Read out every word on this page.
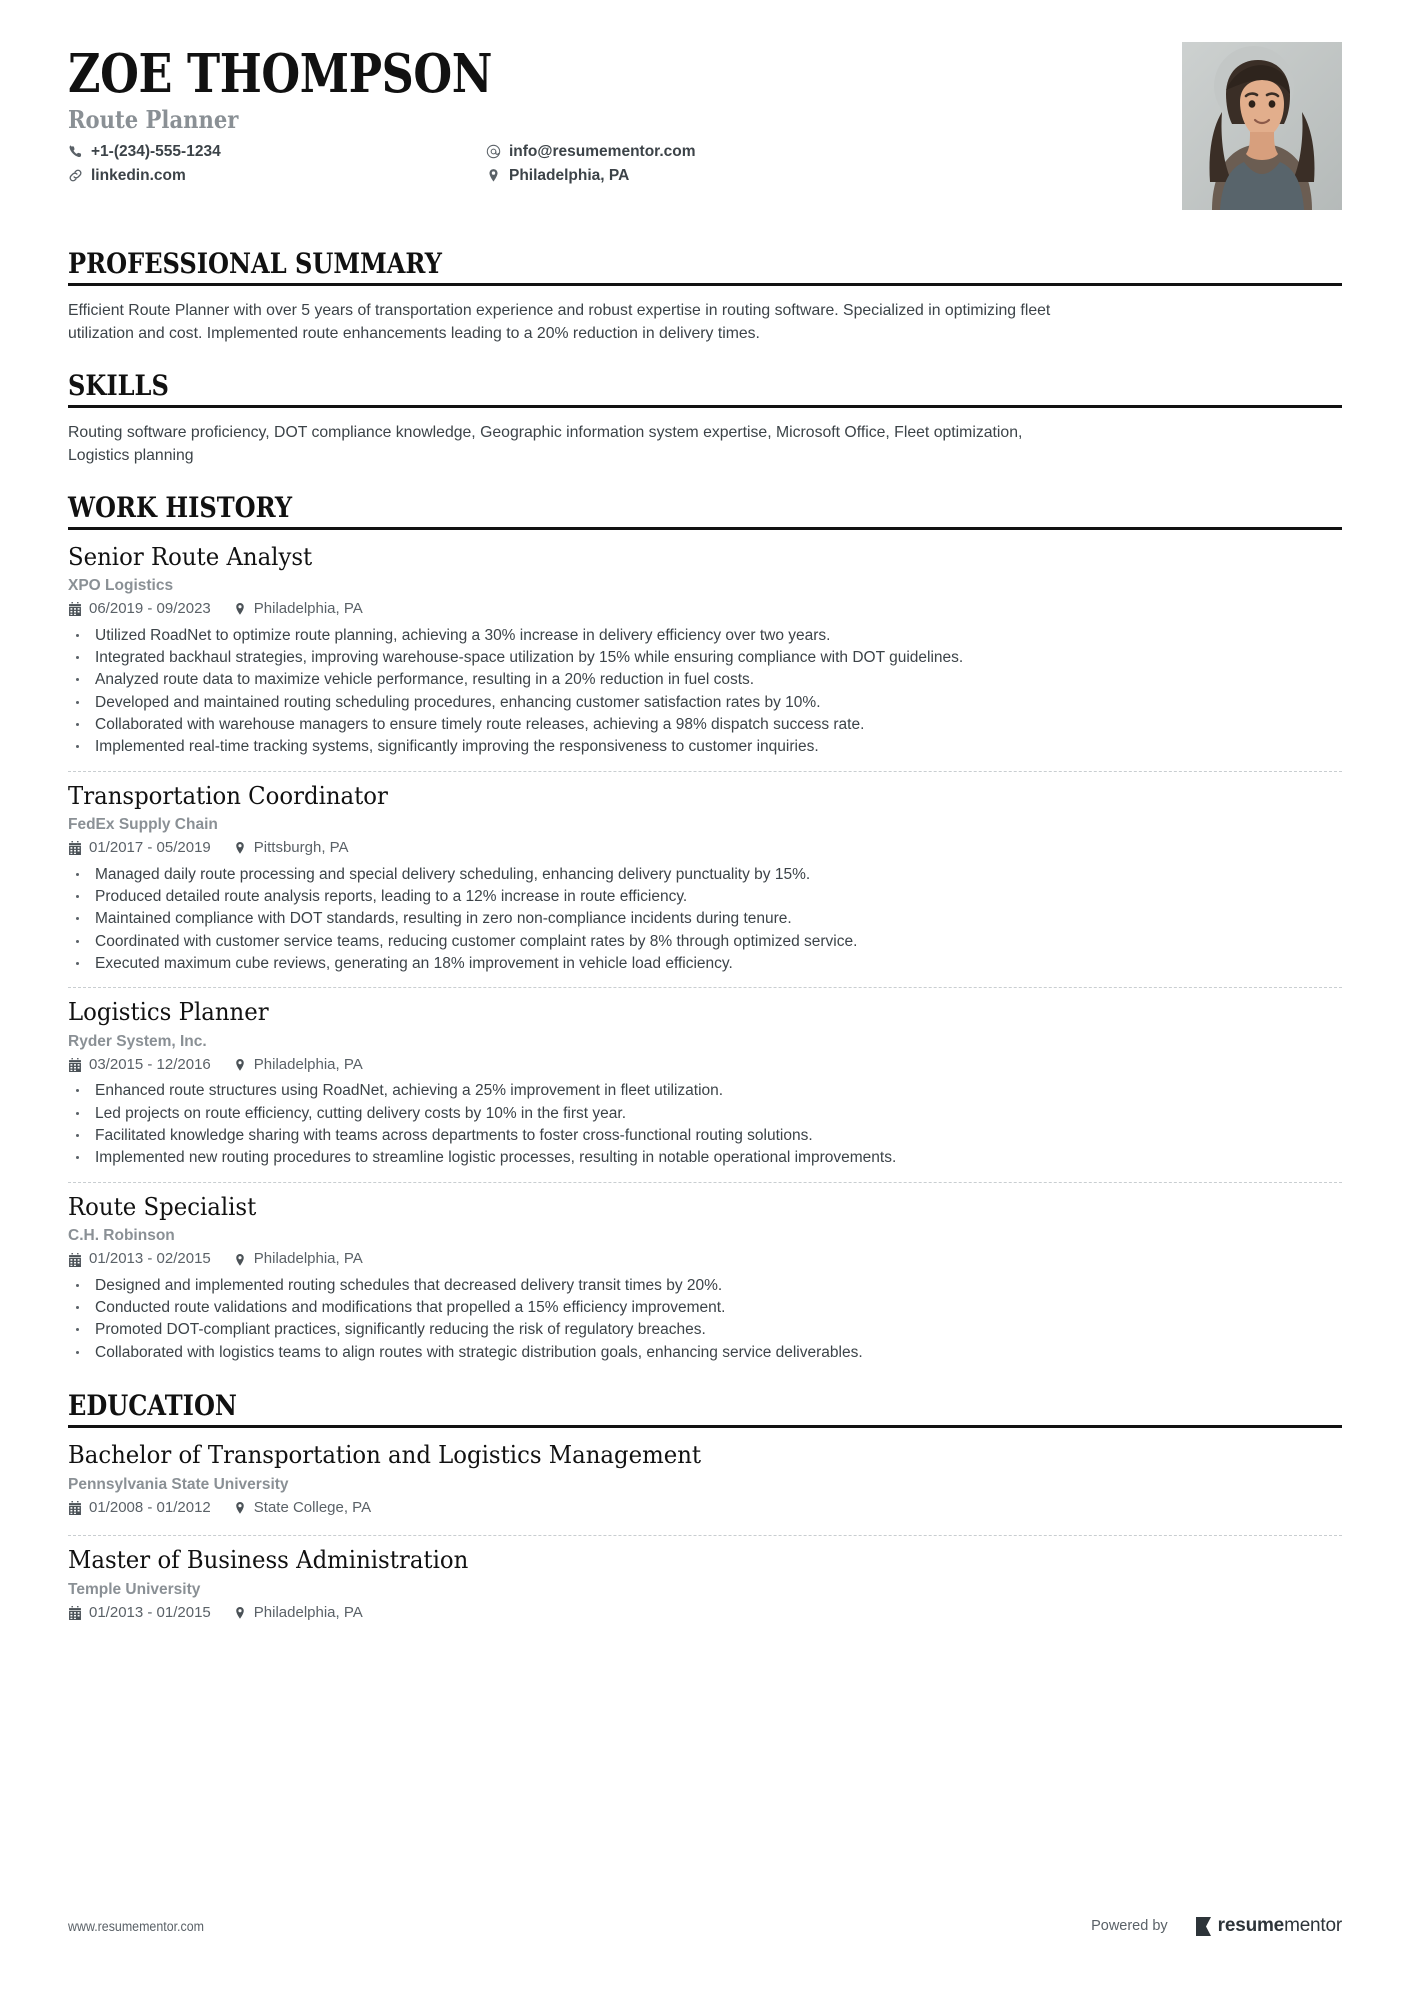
ZOE THOMPSON
Route Planner
+1-(234)-555-1234
linkedin.com
info@resumementor.com
Philadelphia, PA
PROFESSIONAL SUMMARY

Efficient Route Planner with over 5 years of transportation experience and robust expertise in routing software. Specialized in optimizing fleet utilization and cost. Implemented route enhancements leading to a 20% reduction in delivery times.

SKILLS

Routing software proficiency, DOT compliance knowledge, Geographic information system expertise, Microsoft Office, Fleet optimization, Logistics planning

WORK HISTORY
Senior Route Analyst
XPO Logistics
06/2019 - 09/2023	Philadelphia, PA
Utilized RoadNet to optimize route planning, achieving a 30% increase in delivery efficiency over two years.
Integrated backhaul strategies, improving warehouse-space utilization by 15% while ensuring compliance with DOT guidelines.
Analyzed route data to maximize vehicle performance, resulting in a 20% reduction in fuel costs.
Developed and maintained routing scheduling procedures, enhancing customer satisfaction rates by 10%.
Collaborated with warehouse managers to ensure timely route releases, achieving a 98% dispatch success rate.
Implemented real-time tracking systems, significantly improving the responsiveness to customer inquiries.
Transportation Coordinator
FedEx Supply Chain
01/2017 - 05/2019	Pittsburgh, PA
Managed daily route processing and special delivery scheduling, enhancing delivery punctuality by 15%.
Produced detailed route analysis reports, leading to a 12% increase in route efficiency.
Maintained compliance with DOT standards, resulting in zero non-compliance incidents during tenure.
Coordinated with customer service teams, reducing customer complaint rates by 8% through optimized service.
Executed maximum cube reviews, generating an 18% improvement in vehicle load efficiency.
Logistics Planner
Ryder System, Inc.
03/2015 - 12/2016	Philadelphia, PA
Enhanced route structures using RoadNet, achieving a 25% improvement in fleet utilization.
Led projects on route efficiency, cutting delivery costs by 10% in the first year.
Facilitated knowledge sharing with teams across departments to foster cross-functional routing solutions.
Implemented new routing procedures to streamline logistic processes, resulting in notable operational improvements.
Route Specialist
C.H. Robinson
01/2013 - 02/2015	Philadelphia, PA
Designed and implemented routing schedules that decreased delivery transit times by 20%.
Conducted route validations and modifications that propelled a 15% efficiency improvement.
Promoted DOT-compliant practices, significantly reducing the risk of regulatory breaches.
Collaborated with logistics teams to align routes with strategic distribution goals, enhancing service deliverables.
EDUCATION
Bachelor of Transportation and Logistics Management
Pennsylvania State University
01/2008 - 01/2012	State College, PA
Master of Business Administration
Temple University
01/2013 - 01/2015	Philadelphia, PA
www.resumementor.com	Powered by	resumementor
